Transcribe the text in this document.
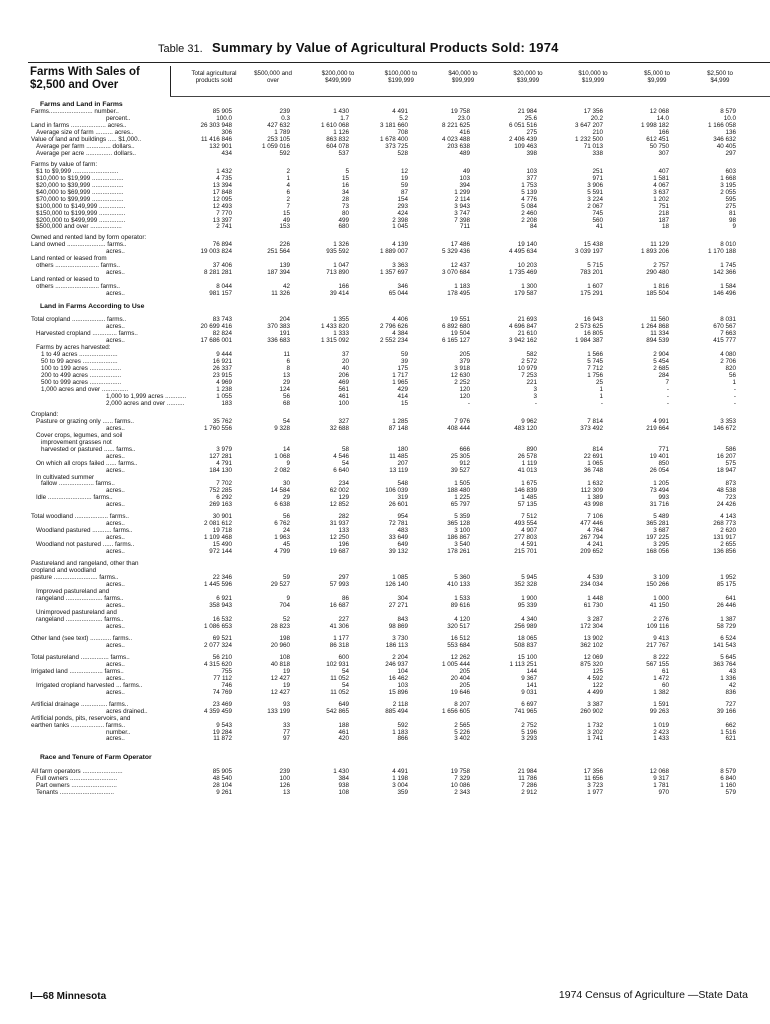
Table 31. Summary by Value of Agricultural Products Sold: 1974
Farms With Sales of $2,500 and Over
Total agricultural
products sold
$500,000 and
over
$200,000 to
$499,999
$100,000 to
$199,999
$40,000 to
$99,999
$20,000 to
$39,999
$10,000 to
$19,999
$5,000 to
$9,999
$2,500 to
$4,999
Farms and Land in Farms
Farms......................... number..	85 905	239	1 430	4 491	19 758	21 984	17 356	12 068	8 579
percent..	100.0	0.3	1.7	5.2	23.0	25.6	20.2	14.0	10.0
Land in farms .................... acres..	26 303 948	427 632	1 610 068	3 181 660	8 221 625	6 051 516	3 647 207	1 998 182	1 166 058
Average size of farm .......... acres..	306	1 789	1 126	708	416	275	210	166	136
Value of land and buildings ..... $1,000..	11 416 846	253 105	863 832	1 678 400	4 023 488	2 406 439	1 232 500	612 451	346 632
Average per farm .............. dollars..	132 901	1 059 016	604 078	373 725	203 638	109 463	71 013	50 750	40 405
Average per acre ............... dollars..	434	592	537	528	489	398	338	307	297
Farms by value of farm:
$1 to $9,999 ..........................	1 432	2	5	12	49	103	251	407	603
$10,000 to $19,999 ..................	4 735	1	15	19	103	377	971	1 581	1 668
$20,000 to $39,999 ..................	13 394	4	16	59	394	1 753	3 906	4 067	3 195
$40,000 to $69,999 ..................	17 848	6	34	87	1 299	5 139	5 591	3 637	2 055
$70,000 to $99,999 ..................	12 095	2	28	154	2 114	4 776	3 224	1 202	595
$100,000 to $149,999 ...............	12 493	7	73	293	3 943	5 084	2 067	751	275
$150,000 to $199,999 ...............	7 770	15	80	424	3 747	2 460	745	218	81
$200,000 to $499,999 ...............	13 397	49	499	2 398	7 398	2 208	560	187	98
$500,000 and over ..................	2 741	153	680	1 045	711	84	41	18	9
Owned and rented land by form operator:
Land owned ...................... farms..	76 894	226	1 326	4 139	17 486	19 140	15 438	11 129	8 010
acres..	19 003 824	251 564	935 592	1 889 007	5 329 436	4 495 634	3 039 197	1 893 206	1 170 188
Land rented or leased from
others ......................... farms..	37 406	139	1 047	3 363	12 437	10 203	5 715	2 757	1 745
acres..	8 281 281	187 394	713 890	1 357 697	3 070 684	1 735 469	783 201	290 480	142 366
Land rented or leased to
others ......................... farms..	8 044	42	166	346	1 183	1 300	1 607	1 816	1 584
acres..	981 157	11 326	39 414	65 044	178 495	179 587	175 291	185 504	146 496
Land in Farms According to Use
Total cropland ................... farms..	83 743	204	1 355	4 406	19 551	21 693	16 943	11 560	8 031
acres..	20 699 416	370 383	1 433 820	2 796 626	6 892 680	4 696 847	2 573 625	1 264 868	670 567
Harvested cropland .............. farms..	82 824	191	1 333	4 384	19 504	21 610	16 805	11 334	7 663
acres..	17 686 001	336 683	1 315 092	2 552 234	6 165 127	3 942 162	1 984 387	894 539	415 777
Farms by acres harvested:
1 to 49 acres ......................	9 444	11	37	59	205	582	1 566	2 904	4 080
50 to 99 acres ....................	16 921	6	20	39	379	2 572	5 745	5 454	2 706
100 to 199 acres ..................	26 337	8	40	175	3 918	10 979	7 712	2 685	820
200 to 499 acres ..................	23 915	13	206	1 717	12 630	7 253	1 756	284	56
500 to 999 acres ..................	4 969	29	469	1 965	2 252	221	25	7	1
1,000 acres and over ...............	1 238	124	561	429	120	3	1	-	-
1,000 to 1,999 acres ............	1 055	56	461	414	120	3	1	-	-
2,000 acres and over ..........	183	68	100	15	-	-	-	-	-
Cropland:
Pasture or grazing only ...... farms..	35 762	54	327	1 285	7 976	9 962	7 814	4 991	3 353
acres..	1 760 556	9 328	32 688	87 148	408 444	483 120	373 492	219 664	146 672
Cover crops, legumes, and soil
improvement grasses not
harvested or pastured ...... farms..	3 979	14	58	180	666	890	814	771	586
acres..	127 281	1 068	4 546	11 485	25 305	26 578	22 691	19 401	16 207
On which all crops failed ...... farms..	4 791	9	54	207	912	1 119	1 065	850	575
acres..	184 130	2 082	6 640	13 119	39 527	41 013	36 748	26 054	18 947
In cultivated summer
fallow .................... farms..	7 702	30	234	548	1 505	1 675	1 632	1 205	873
acres..	752 285	14 584	62 002	106 039	188 480	146 839	112 309	73 494	48 538
Idle ......................... farms..	6 292	29	129	319	1 225	1 485	1 389	993	723
acres..	269 163	6 638	12 852	26 601	65 797	57 135	43 998	31 716	24 426
Total woodland ................... farms..	30 901	56	282	954	5 359	7 512	7 106	5 489	4 143
acres..	2 081 612	6 762	31 937	72 781	365 128	493 554	477 446	365 281	268 773
Woodland pastured ........... farms..	19 718	24	133	483	3 100	4 907	4 764	3 687	2 620
acres..	1 109 468	1 963	12 250	33 649	186 867	277 803	267 794	197 225	131 917
Woodland not pastured ...... farms..	15 490	45	196	649	3 540	4 591	4 241	3 295	2 655
acres..	972 144	4 799	19 687	39 132	178 261	215 701	209 652	168 056	136 856
Pastureland and rangeland, other than
cropland and woodland
pasture ......................... farms..	22 346	59	297	1 085	5 360	5 945	4 539	3 109	1 952
acres..	1 445 596	29 527	57 993	126 140	410 133	352 328	234 034	150 266	85 175
Improved pastureland and
rangeland ..................... farms..	6 921	9	86	304	1 533	1 900	1 448	1 000	641
acres..	358 943	704	16 687	27 271	89 616	95 339	61 730	41 150	26 446
Unimproved pastureland and
rangeland ..................... farms..	16 532	52	227	843	4 120	4 340	3 287	2 276	1 387
acres..	1 086 653	28 823	41 306	98 869	320 517	256 989	172 304	109 116	58 729
Other land (see text) ............ farms..	69 521	198	1 177	3 730	16 512	18 065	13 902	9 413	6 524
acres..	2 077 324	20 960	86 318	186 113	553 684	508 837	362 102	217 767	141 543
Total pastureland ................ farms..	56 210	108	600	2 204	12 262	15 100	12 069	8 222	5 645
acres..	4 315 620	40 818	102 931	246 937	1 005 444	1 113 251	875 320	567 155	363 764
Irrigated land ................... farms..	755	19	54	104	205	144	125	61	43
acres..	77 112	12 427	11 052	16 462	20 404	9 367	4 592	1 472	1 336
Irrigated cropland harvested ... farms..	746	19	54	103	205	141	122	60	42
acres..	74 769	12 427	11 052	15 896	19 646	9 031	4 499	1 382	836
Artificial drainage ............... farms..	23 469	93	649	2 118	8 207	6 697	3 387	1 591	727
acres drained..	4 359 459	133 199	542 865	885 494	1 656 605	741 965	260 902	99 263	39 166
Artificial ponds, pits, reservoirs, and
earthen tanks ................... farms..	9 543	33	188	592	2 565	2 752	1 732	1 019	662
number..	19 284	77	461	1 183	5 226	5 196	3 202	2 423	1 516
acres..	11 872	97	420	866	3 402	3 293	1 741	1 433	621
Race and Tenure of Farm Operator
All farm operators .......................	85 905	239	1 430	4 491	19 758	21 984	17 356	12 068	8 579
Full owners ...........................	48 540	100	384	1 198	7 329	11 786	11 656	9 317	6 840
Part owners ..........................	28 104	126	938	3 004	10 086	7 286	3 723	1 781	1 160
Tenants ...............................	9 261	13	108	359	2 343	2 912	1 977	970	579
I—68 Minnesota	1974 Census of Agriculture —State Data
